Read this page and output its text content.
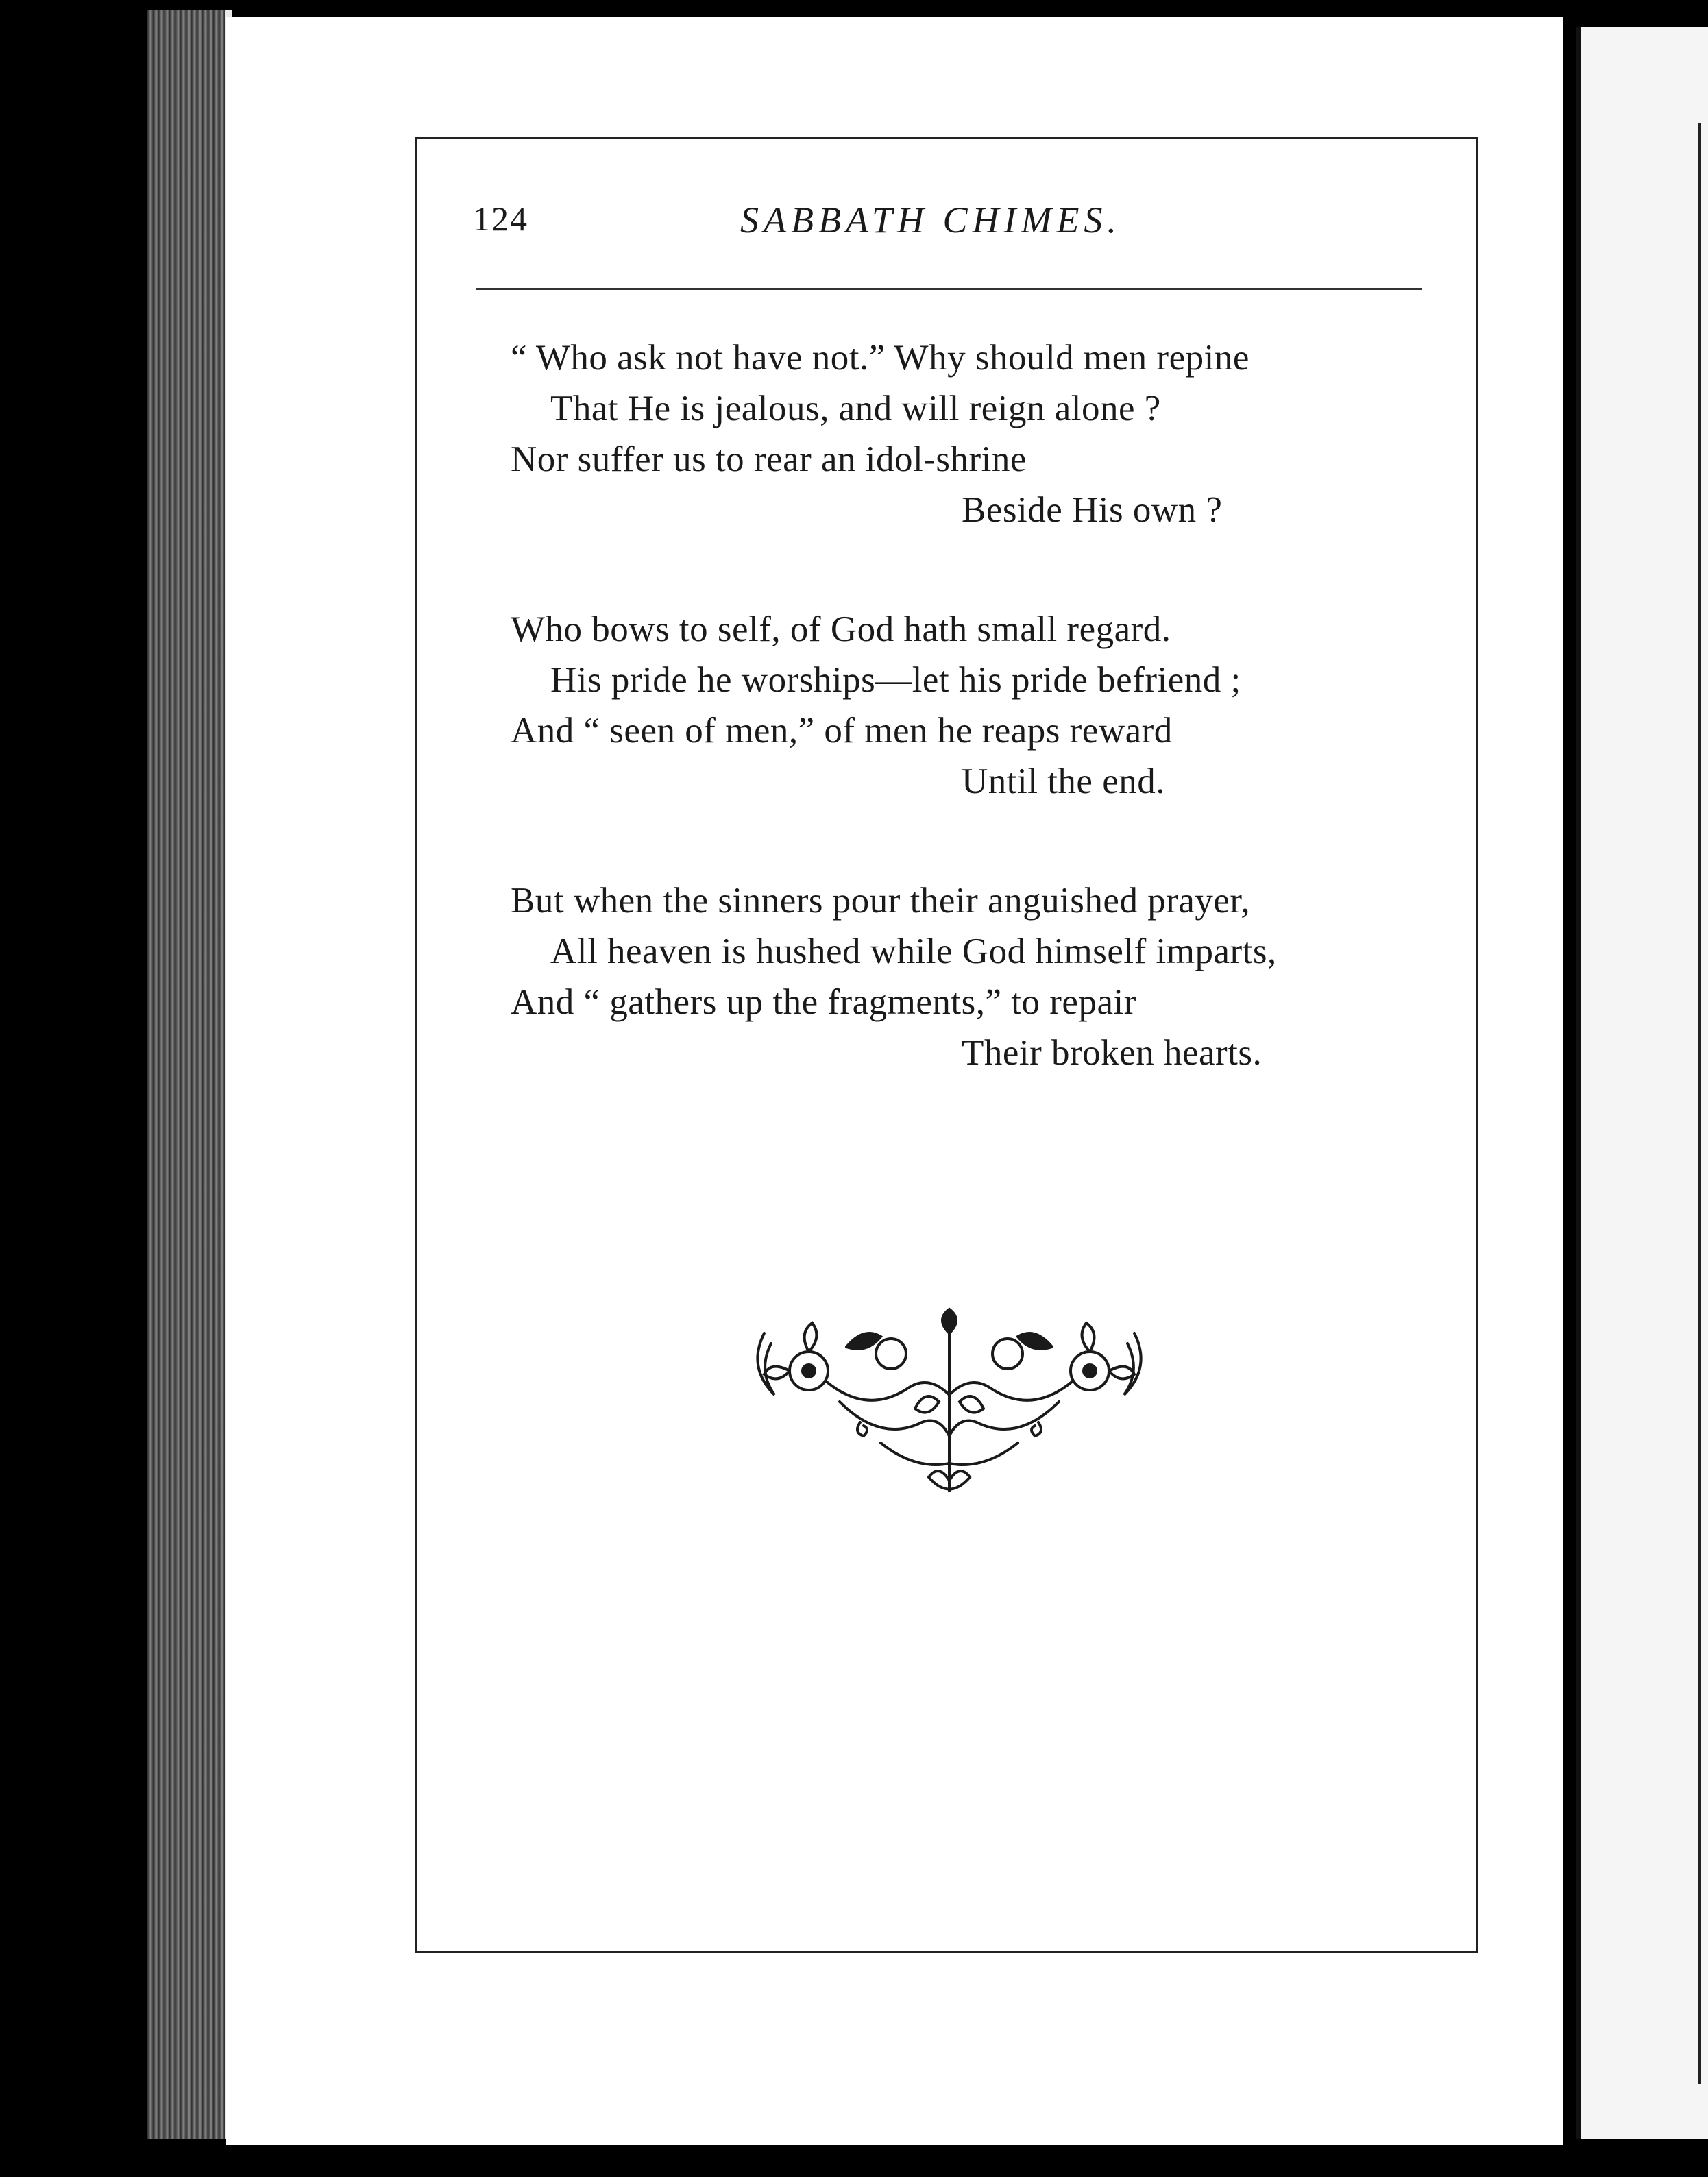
124	SABBATH CHIMES.
“ Who ask not have not.” Why should men repine
That He is jealous, and will reign alone ?
Nor suffer us to rear an idol-shrine
Beside His own ?
Who bows to self, of God hath small regard.
His pride he worships—let his pride befriend ;
And “ seen of men,” of men he reaps reward
Until the end.
But when the sinners pour their anguished prayer,
All heaven is hushed while God himself imparts,
And “ gathers up the fragments,” to repair
Their broken hearts.
